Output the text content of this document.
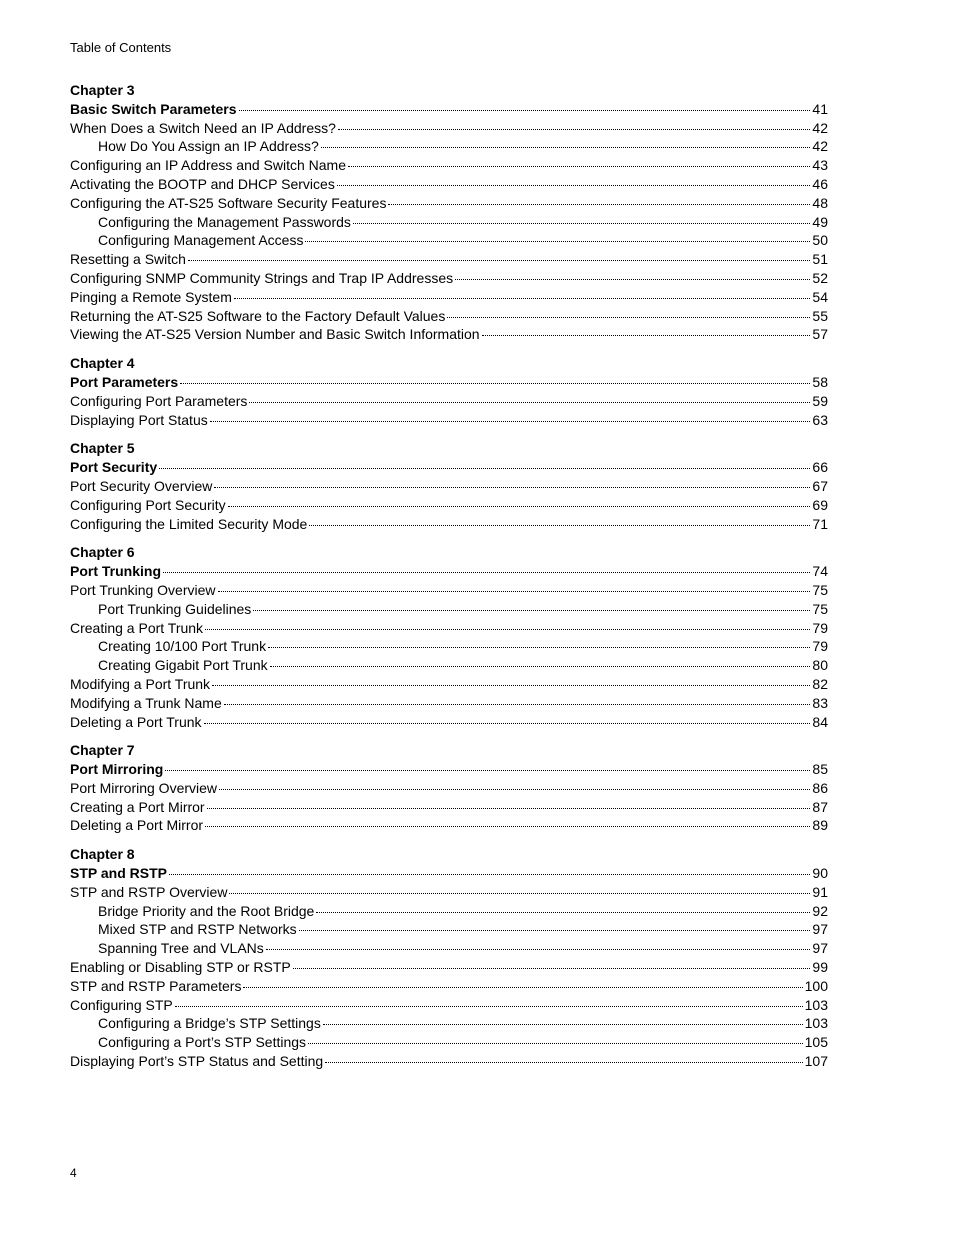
Table of Contents
Chapter 3
Basic Switch Parameters	41
When Does a Switch Need an IP Address?	42
How Do You Assign an IP Address?	42
Configuring an IP Address and Switch Name	43
Activating the BOOTP and DHCP Services	46
Configuring the AT-S25 Software Security Features	48
Configuring the Management Passwords	49
Configuring Management Access	50
Resetting a Switch	51
Configuring SNMP Community Strings and Trap IP Addresses	52
Pinging a Remote System	54
Returning the AT-S25 Software to the Factory Default Values	55
Viewing the AT-S25 Version Number and Basic Switch Information	57
Chapter 4
Port Parameters	58
Configuring Port Parameters	59
Displaying Port Status	63
Chapter 5
Port Security	66
Port Security Overview	67
Configuring Port Security	69
Configuring the Limited Security Mode	71
Chapter 6
Port Trunking	74
Port Trunking Overview	75
Port Trunking Guidelines	75
Creating a Port Trunk	79
Creating 10/100 Port Trunk	79
Creating Gigabit Port Trunk	80
Modifying a Port Trunk	82
Modifying a Trunk Name	83
Deleting a Port Trunk	84
Chapter 7
Port Mirroring	85
Port Mirroring Overview	86
Creating a Port Mirror	87
Deleting a Port Mirror	89
Chapter 8
STP and RSTP	90
STP and RSTP Overview	91
Bridge Priority and the Root Bridge	92
Mixed STP and RSTP Networks	97
Spanning Tree and VLANs	97
Enabling or Disabling STP or RSTP	99
STP and RSTP Parameters	100
Configuring STP	103
Configuring a Bridge’s STP Settings	103
Configuring a Port’s STP Settings	105
Displaying Port’s STP Status and Setting	107
4
